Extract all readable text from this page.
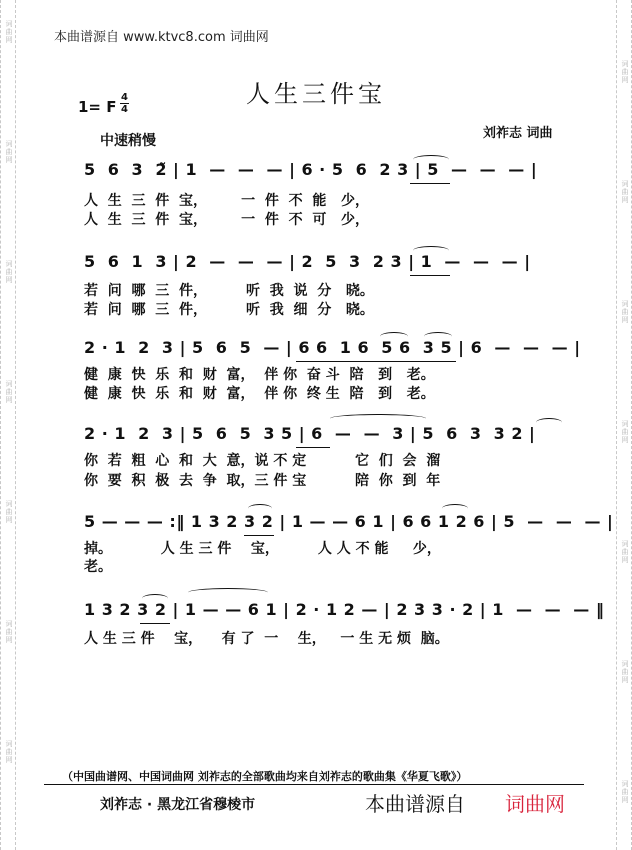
词
曲
网
词
曲
网
词
曲
网
词
曲
网
词
曲
网
词
曲
网
词
曲
网
词
曲
网
词
曲
网
词
曲
网
词
曲
网
词
曲
网
词
曲
网
词
曲
网
本曲谱源自 www.ktvc8.com 词曲网
人生三件宝
1= F
4
4
刘祚志 词曲
中速稍慢
5  6  3  2̃ | 1  —  —  — | 6 · 5  6  2 3 | 5  —  —  — |
人  生  三  件  宝，       一  件  不  能   少，
人  生  三  件  宝，       一  件  不  可   少，
5  6  1  3 | 2  —  —  — | 2  5  3  2 3 | 1  —  —  — |
若  问  哪  三  件，        听  我  说  分   晓。
若  问  哪  三  件，        听  我  细  分   晓。
2 · 1  2  3 | 5  6  5  — | 6 6  1 6  5 6  3 5 | 6  —  —  — |
健  康  快  乐  和  财  富，  伴 你  奋 斗  陪   到   老。
健  康  快  乐  和  财  富，  伴 你  终 生  陪   到   老。
2 · 1  2  3 | 5  6  5  3 5 | 6  —  —  3 | 5  6  3  3 2 |
你  若  粗  心  和  大  意，说 不 定          它  们  会  溜
你  要  积  极  去  争  取，三 件 宝          陪  你  到  年
5 — — — :‖ 1 3 2 3 2 | 1 — — 6 1 | 6 6 1 2 6 | 5  —  —  — |
掉。          人 生 三 件    宝，        人 人 不 能     少，
老。
1 3 2 3 2 | 1 — — 6 1 | 2 · 1 2 — | 2 3 3 · 2 | 1  —  —  — ‖
人 生 三 件    宝，    有 了  一    生，   一 生 无 烦  脑。
（中国曲谱网、中国词曲网 刘祚志的全部歌曲均来自刘祚志的歌曲集《华夏飞歌》）
刘祚志 · 黑龙江省穆棱市	本曲谱源自 词曲网
